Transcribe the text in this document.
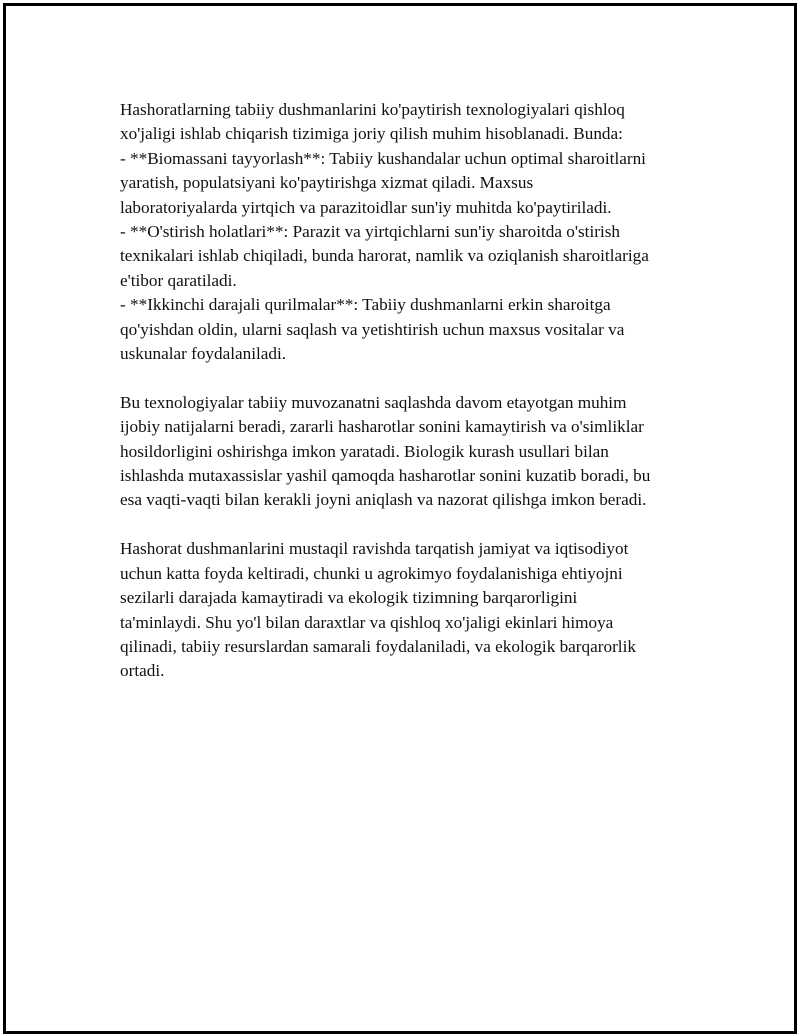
Hashoratlarning tabiiy dushmanlarini ko'paytirish texnologiyalari qishloq
xo'jaligi ishlab chiqarish tizimiga joriy qilish muhim hisoblanadi. Bunda:
- **Biomassani tayyorlash**: Tabiiy kushandalar uchun optimal sharoitlarni
yaratish, populatsiyani ko'paytirishga xizmat qiladi. Maxsus
laboratoriyalarda yirtqich va parazitoidlar sun'iy muhitda ko'paytiriladi.
- **O'stirish holatlari**: Parazit va yirtqichlarni sun'iy sharoitda o'stirish
texnikalari ishlab chiqiladi, bunda harorat, namlik va oziqlanish sharoitlariga
e'tibor qaratiladi.
- **Ikkinchi darajali qurilmalar**: Tabiiy dushmanlarni erkin sharoitga
qo'yishdan oldin, ularni saqlash va yetishtirish uchun maxsus vositalar va
uskunalar foydalaniladi.

Bu texnologiyalar tabiiy muvozanatni saqlashda davom etayotgan muhim
ijobiy natijalarni beradi, zararli hasharotlar sonini kamaytirish va o'simliklar
hosildorligini oshirishga imkon yaratadi. Biologik kurash usullari bilan
ishlashda mutaxassislar yashil qamoqda hasharotlar sonini kuzatib boradi, bu
esa vaqti-vaqti bilan kerakli joyni aniqlash va nazorat qilishga imkon beradi.

Hashorat dushmanlarini mustaqil ravishda tarqatish jamiyat va iqtisodiyot
uchun katta foyda keltiradi, chunki u agrokimyo foydalanishiga ehtiyojni
sezilarli darajada kamaytiradi va ekologik tizimning barqarorligini
ta'minlaydi. Shu yo'l bilan daraxtlar va qishloq xo'jaligi ekinlari himoya
qilinadi, tabiiy resurslardan samarali foydalaniladi, va ekologik barqarorlik
ortadi.
